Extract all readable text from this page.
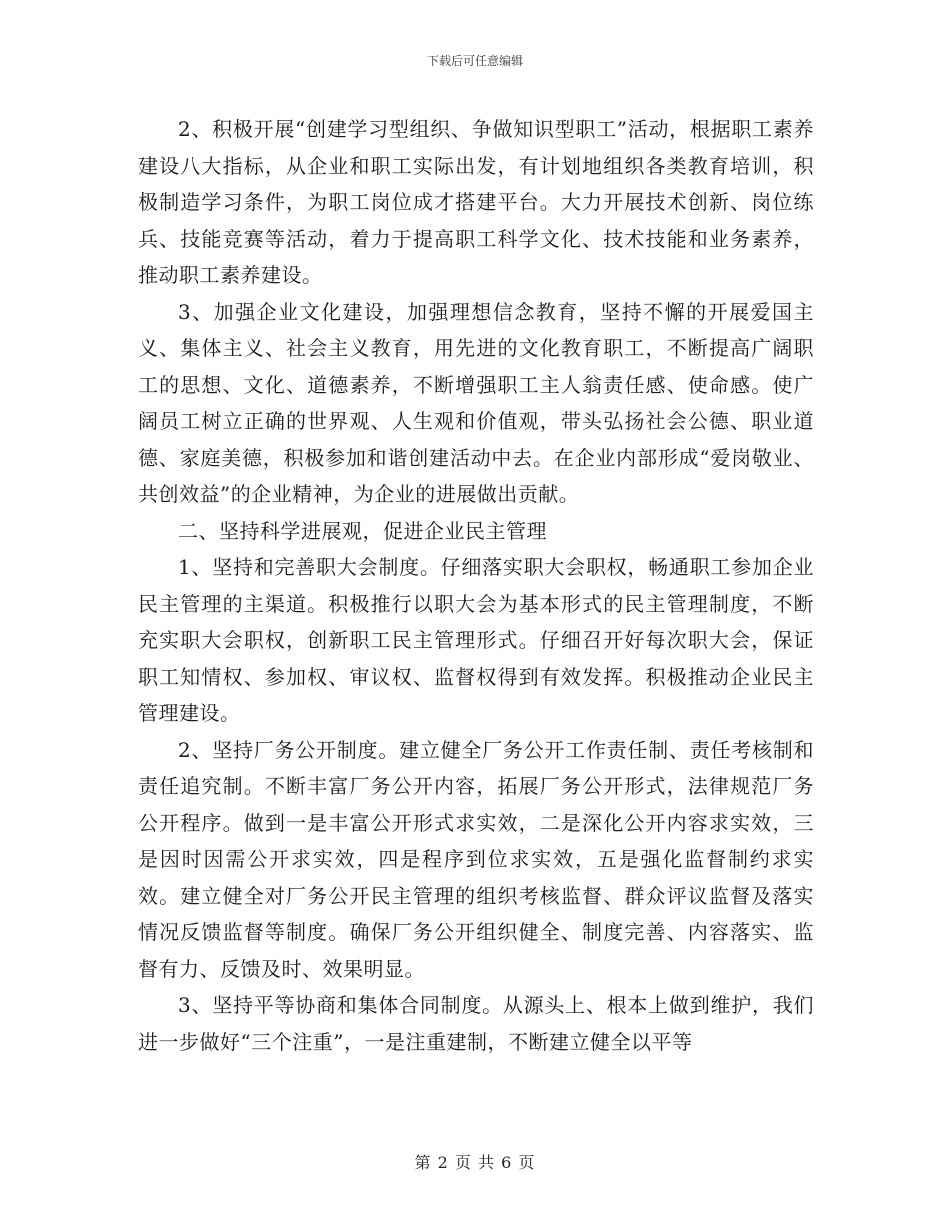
下载后可任意编辑

2、积极开展“创建学习型组织、争做知识型职工”活动，根据职工素养建设八大指标，从企业和职工实际出发，有计划地组织各类教育培训，积极制造学习条件，为职工岗位成才搭建平台。大力开展技术创新、岗位练兵、技能竞赛等活动，着力于提高职工科学文化、技术技能和业务素养，推动职工素养建设。

3、加强企业文化建设，加强理想信念教育，坚持不懈的开展爱国主义、集体主义、社会主义教育，用先进的文化教育职工，不断提高广阔职工的思想、文化、道德素养，不断增强职工主人翁责任感、使命感。使广阔员工树立正确的世界观、人生观和价值观，带头弘扬社会公德、职业道德、家庭美德，积极参加和谐创建活动中去。在企业内部形成“爱岗敬业、共创效益”的企业精神，为企业的进展做出贡献。

二、坚持科学进展观，促进企业民主管理

1、坚持和完善职大会制度。仔细落实职大会职权，畅通职工参加企业民主管理的主渠道。积极推行以职大会为基本形式的民主管理制度，不断充实职大会职权，创新职工民主管理形式。仔细召开好每次职大会，保证职工知情权、参加权、审议权、监督权得到有效发挥。积极推动企业民主管理建设。

2、坚持厂务公开制度。建立健全厂务公开工作责任制、责任考核制和责任追究制。不断丰富厂务公开内容，拓展厂务公开形式，法律规范厂务公开程序。做到一是丰富公开形式求实效，二是深化公开内容求实效，三是因时因需公开求实效，四是程序到位求实效，五是强化监督制约求实效。建立健全对厂务公开民主管理的组织考核监督、群众评议监督及落实情况反馈监督等制度。确保厂务公开组织健全、制度完善、内容落实、监督有力、反馈及时、效果明显。

3、坚持平等协商和集体合同制度。从源头上、根本上做到维护，我们进一步做好“三个注重”，一是注重建制，不断建立健全以平等

第 2 页 共 6 页
